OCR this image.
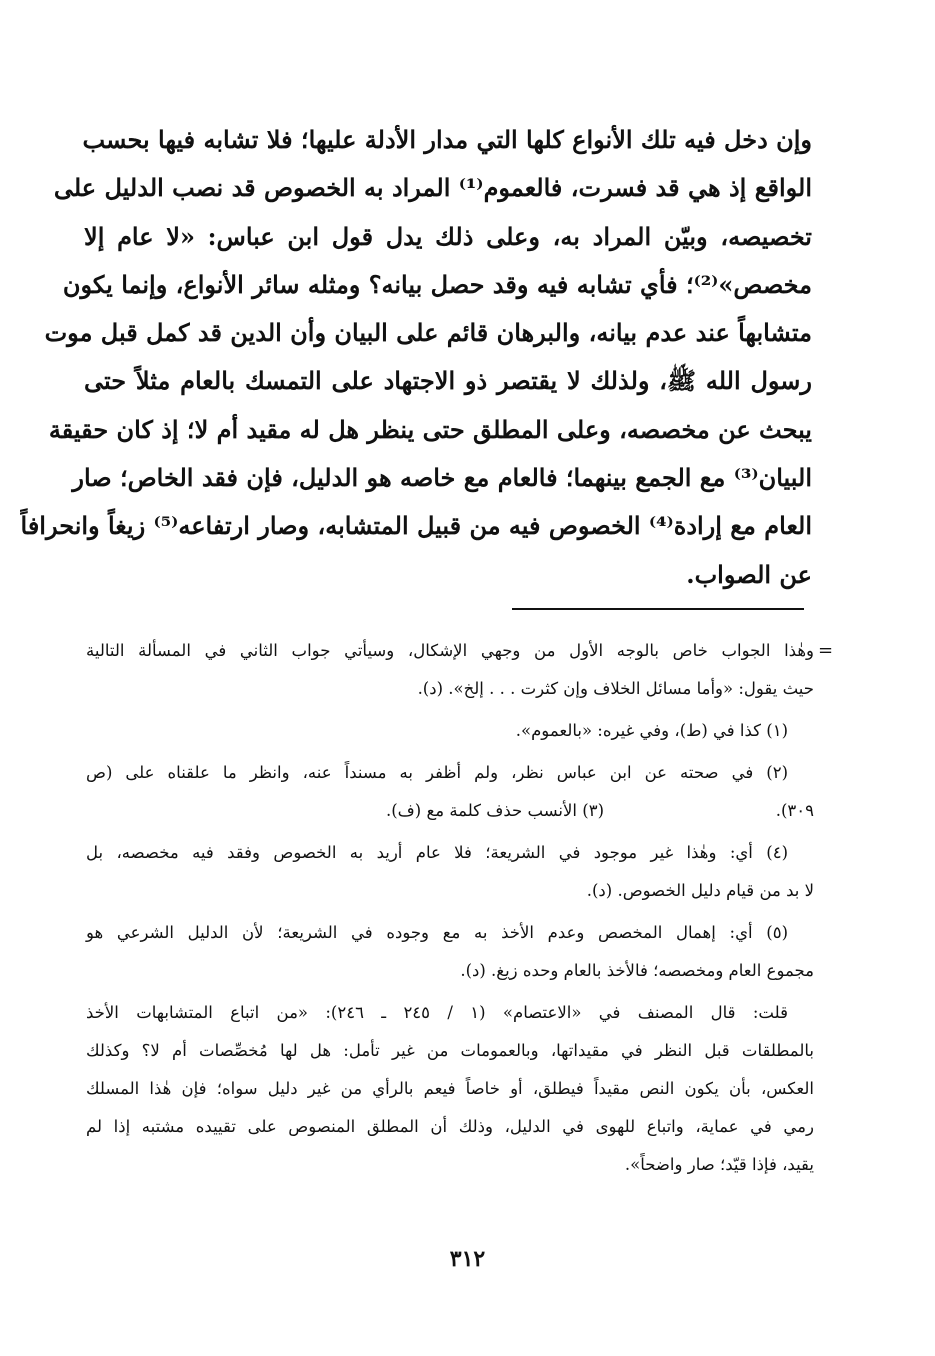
وإن دخل فيه تلك الأنواع كلها التي مدار الأدلة عليها؛ فلا تشابه فيها بحسب
الواقع إذ هي قد فسرت، فالعموم⁽¹⁾ المراد به الخصوص قد نصب الدليل على
تخصيصه، وبيّن المراد به، وعلى ذلك يدل قول ابن عباس: «لا عام إلا
مخصص»⁽²⁾؛ فأي تشابه فيه وقد حصل بيانه؟ ومثله سائر الأنواع، وإنما يكون
متشابهاً عند عدم بيانه، والبرهان قائم على البيان وأن الدين قد كمل قبل موت
رسول الله ﷺ، ولذلك لا يقتصر ذو الاجتهاد على التمسك بالعام مثلاً حتى
يبحث عن مخصصه، وعلى المطلق حتى ينظر هل له مقيد أم لا؛ إذ كان حقيقة
البيان⁽³⁾ مع الجمع بينهما؛ فالعام مع خاصه هو الدليل، فإن فقد الخاص؛ صار
العام مع إرادة⁽⁴⁾ الخصوص فيه من قبيل المتشابه، وصار ارتفاعه⁽⁵⁾ زيغاً وانحرافاً
عن الصواب.
=
وهٰذا الجواب خاص بالوجه الأول من وجهي الإشكال، وسيأتي جواب الثاني في المسألة التالية
حيث يقول: «وأما مسائل الخلاف وإن كثرت . . . إلخ». (د).
(١) كذا في (ط)، وفي غيره: «بالعموم».
(٢) في صحته عن ابن عباس نظر، ولم أظفر به مسنداً عنه، وانظر ما علقناه على (ص
٣٠٩).
(٣) الأنسب حذف كلمة مع (ف).
(٤) أي: وهٰذا غير موجود في الشريعة؛ فلا عام أريد به الخصوص وفقد فيه مخصصه، بل
لا بد من قيام دليل الخصوص. (د).
(٥) أي: إهمال المخصص وعدم الأخذ به مع وجوده في الشريعة؛ لأن الدليل الشرعي هو
مجموع العام ومخصصه؛ فالأخذ بالعام وحده زيغ. (د).
قلت: قال المصنف في «الاعتصام» (١ / ٢٤٥ ـ ٢٤٦): «من اتباع المتشابهات الأخذ
بالمطلقات قبل النظر في مقيداتها، وبالعمومات من غير تأمل: هل لها مُخصِّصات أم لا؟ وكذلك
العكس، بأن يكون النص مقيداً فيطلق، أو خاصاً فيعم بالرأي من غير دليل سواه؛ فإن هٰذا المسلك
رمي في عماية، واتباع للهوى في الدليل، وذلك أن المطلق المنصوص على تقييده مشتبه إذا لم
يقيد، فإذا قيّد؛ صار واضحاً».
٣١٢
